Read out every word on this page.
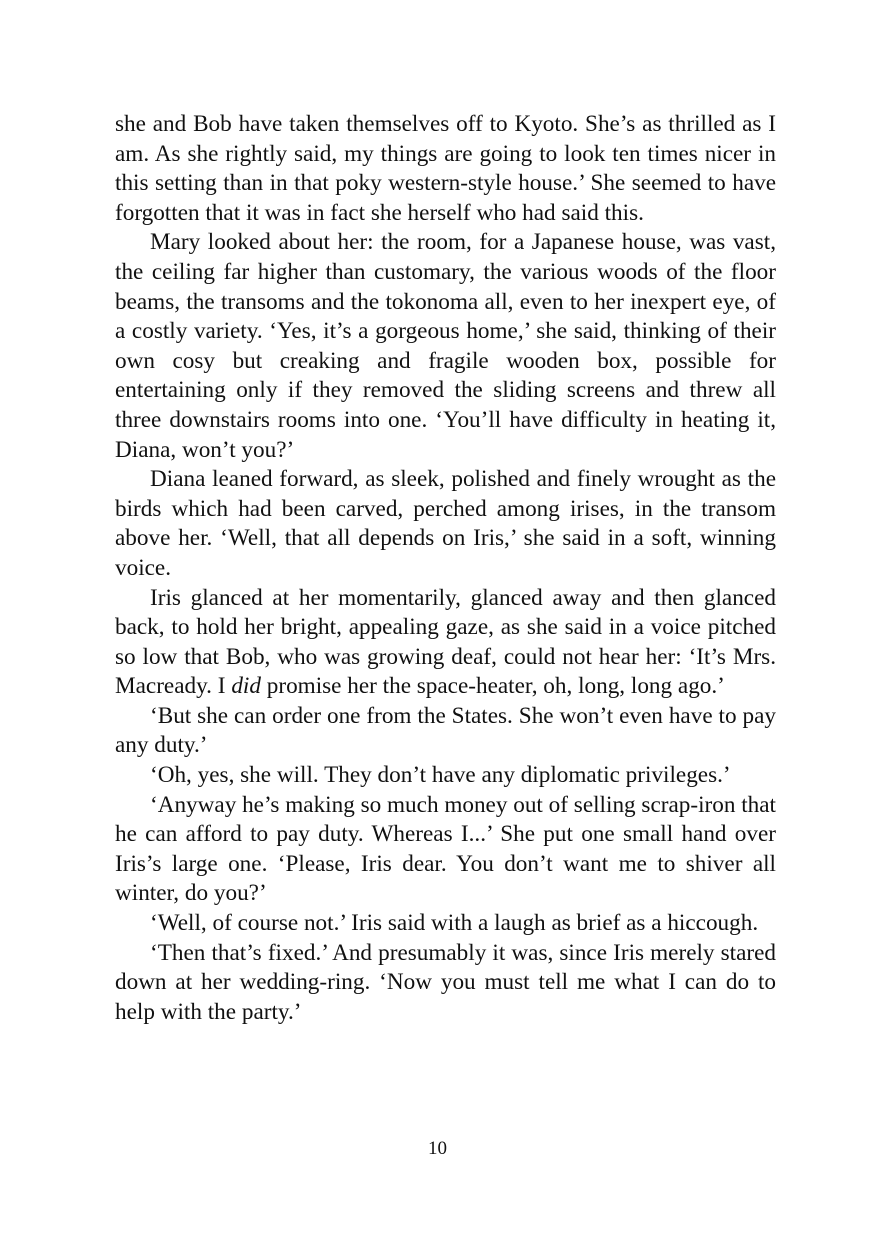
she and Bob have taken themselves off to Kyoto. She’s as thrilled as I am. As she rightly said, my things are going to look ten times nicer in this setting than in that poky western-style house.’ She seemed to have forgotten that it was in fact she herself who had said this.

Mary looked about her: the room, for a Japanese house, was vast, the ceiling far higher than customary, the various woods of the floor beams, the transoms and the tokonoma all, even to her inexpert eye, of a costly variety. ‘Yes, it’s a gorgeous home,’ she said, thinking of their own cosy but creaking and fragile wooden box, possible for entertaining only if they removed the sliding screens and threw all three downstairs rooms into one. ‘You’ll have difficulty in heating it, Diana, won’t you?’

Diana leaned forward, as sleek, polished and finely wrought as the birds which had been carved, perched among irises, in the transom above her. ‘Well, that all depends on Iris,’ she said in a soft, winning voice.

Iris glanced at her momentarily, glanced away and then glanced back, to hold her bright, appealing gaze, as she said in a voice pitched so low that Bob, who was growing deaf, could not hear her: ‘It’s Mrs. Macready. I did promise her the space-heater, oh, long, long ago.’

‘But she can order one from the States. She won’t even have to pay any duty.’

‘Oh, yes, she will. They don’t have any diplomatic privileges.’

‘Anyway he’s making so much money out of selling scrap-iron that he can afford to pay duty. Whereas I...’ She put one small hand over Iris’s large one. ‘Please, Iris dear. You don’t want me to shiver all winter, do you?’

‘Well, of course not.’ Iris said with a laugh as brief as a hiccough.

‘Then that’s fixed.’ And presumably it was, since Iris merely stared down at her wedding-ring. ‘Now you must tell me what I can do to help with the party.’

10
